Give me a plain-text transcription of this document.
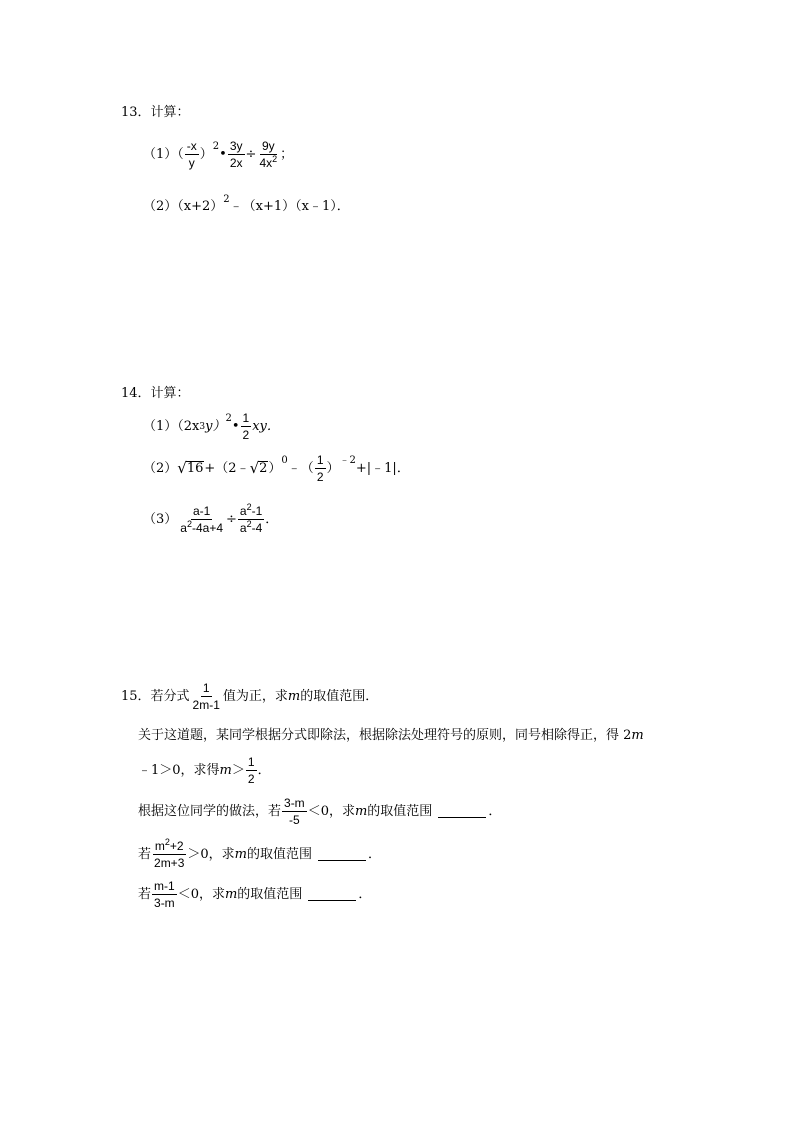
13．计算：
$(1)( \frac{-x}{y}$ ）
2
• $\frac{3y}{2x} \div \frac{9y}{4x^2}$ ；
$(2)(x+2)^2﹣(x+1)(x﹣1)$．
14．计算：
（1）（2x 3 y）
2
• $\frac{1}{2}$ xy．
（2） √ 16 +（2﹣ √ 2 ）
0
﹣（ $\frac{1}{2}$ ）
﹣2
+|﹣1|．
$(3) \frac{a-1}{a^2-4a+4} \div \frac{a^2-1}{a^2-4}$ ．
15．若分式 $\frac{1}{2m-1}$ 值为正，求 m 的取值范围．
关于这道题，某同学根据分式即除法，根据除法处理符号的原则，同号相除得正，得 2m
﹣1＞0，求得 $m > \frac{1}{2}$ ．
根据这位同学的做法，若 $\frac{3-m}{-5} <0$，求 m 的取值范围	．
若 $\frac{m^2+2}{2m+3} >0$，求 m 的取值范围	．
若 $\frac{m-1}{3-m} <0$，求 m 的取值范围	．
